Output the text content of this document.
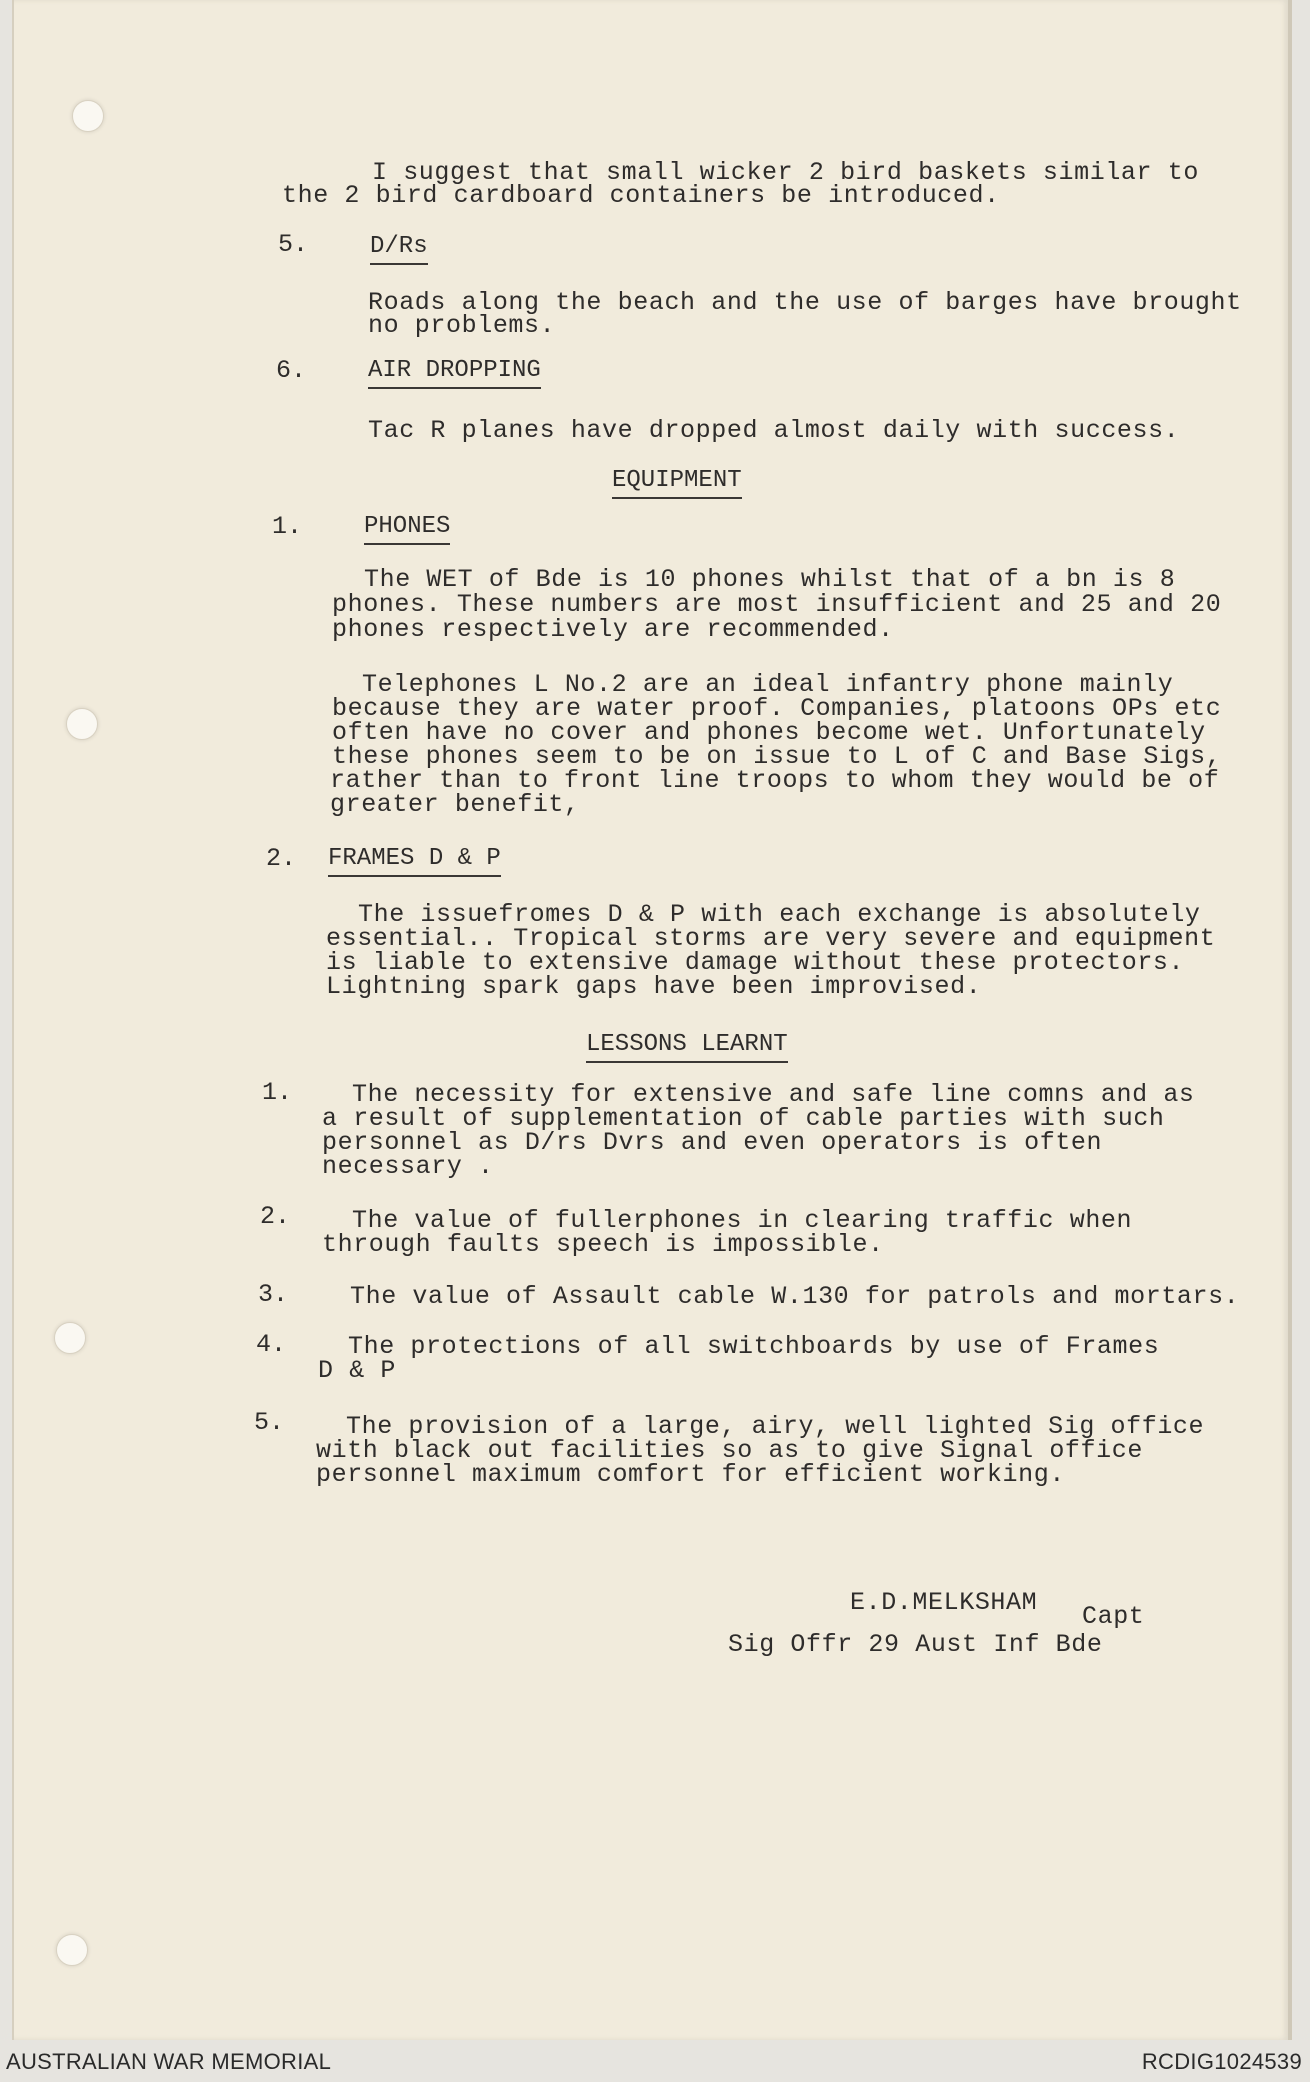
I suggest that small wicker 2 bird baskets similar to
the 2 bird cardboard containers be introduced.
5.	D/Rs
Roads along the beach and the use of barges have brought
no problems.
6.	AIR DROPPING
Tac R planes have dropped almost daily with success.
EQUIPMENT
1.	PHONES
The WET of Bde is 10 phones whilst that of a bn is 8
phones. These numbers are most insufficient and 25 and 20
phones respectively are recommended.
Telephones L No.2 are an ideal infantry phone mainly
because they are water proof. Companies, platoons OPs etc
often have no cover and phones become wet. Unfortunately
these phones seem to be on issue to L of C and Base Sigs,
rather than to front line troops to whom they would be of
greater benefit,
2. FRAMES D & P
The issuefromes D & P with each exchange is absolutely
essential.. Tropical storms are very severe and equipment
is liable to extensive damage without these protectors.
Lightning spark gaps have been improvised.
LESSONS LEARNT
1. The necessity for extensive and safe line comns and as
a result of supplementation of cable parties with such
personnel as D/rs Dvrs and even operators is often
necessary .
2. The value of fullerphones in clearing traffic when
through faults speech is impossible.
3. The value of Assault cable W.130 for patrols and mortars.
4. The protections of all switchboards by use of Frames
D & P
5. The provision of a large, airy, well lighted Sig office
with black out facilities so as to give Signal office
personnel maximum comfort for efficient working.
E.D.MELKSHAM Capt
Sig Offr 29 Aust Inf Bde
AUSTRALIAN WAR MEMORIAL	RCDIG1024539
